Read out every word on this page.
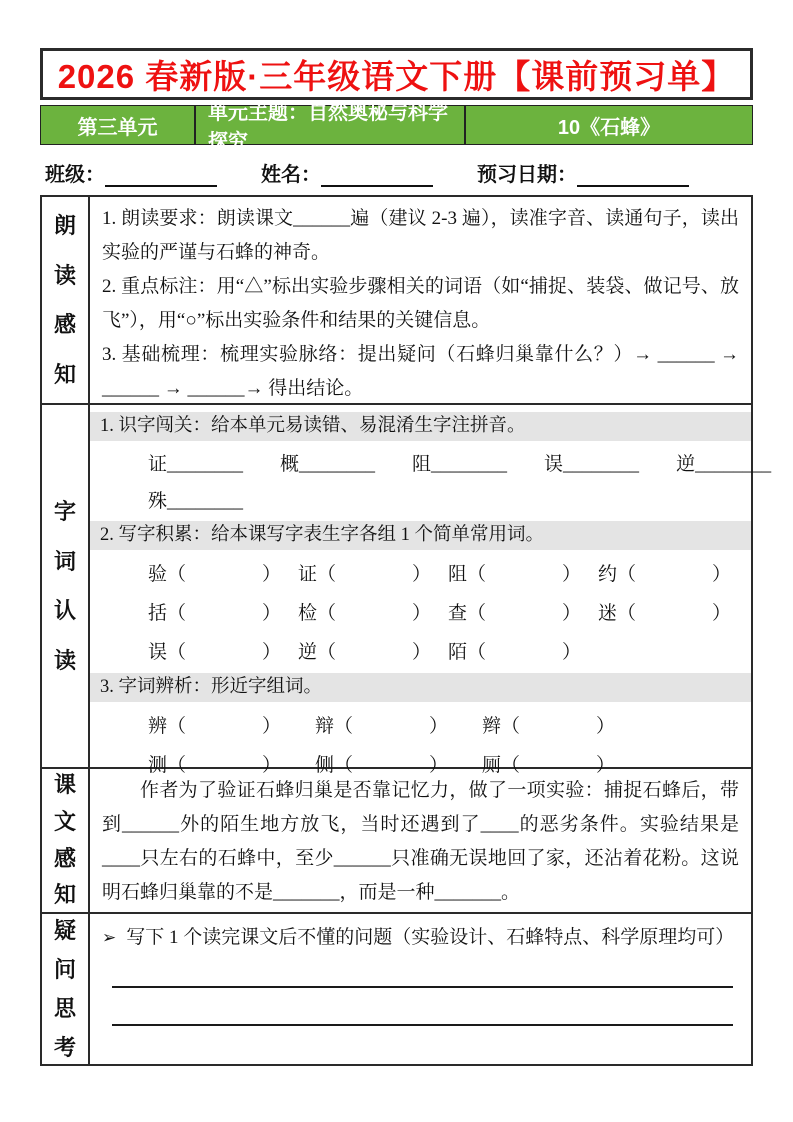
2026 春新版·三年级语文下册【课前预习单】
第三单元
单元主题：自然奥秘与科学探究
10《石蜂》
班级：	姓名：	预习日期：
朗读感知

1. 朗读要求：朗读课文______遍（建议 2-3 遍），读准字音、读通句子，读出实验的严谨与石蜂的神奇。

2. 重点标注：用“△”标出实验步骤相关的词语（如“捕捉、装袋、做记号、放飞”），用“○”标出实验条件和结果的关键信息。

3. 基础梳理：梳理实验脉络：提出疑问（石蜂归巢靠什么？）→ ______ → ______ → ______→ 得出结论。

字词认读
1. 识字闯关：给本单元易读错、易混淆生字注拼音。
证________ 概________ 阻________ 误________ 逆________
殊________
2. 写字积累：给本课写字表生字各组 1 个简单常用词。
验（　　　　） 证（　　　　） 阻（　　　　） 约（　　　　）
括（　　　　） 检（　　　　） 查（　　　　） 迷（　　　　）
误（　　　　） 逆（　　　　） 陌（　　　　）
3. 字词辨析：形近字组词。
辨（　　　　）	辩（　　　　）	辫（　　　　）
测（　　　　）	侧（　　　　）	厕（　　　　）
课文感知

作者为了验证石蜂归巢是否靠记忆力，做了一项实验：捕捉石蜂后，带到______外的陌生地方放飞，当时还遇到了____的恶劣条件。实验结果是____只左右的石蜂中，至少______只准确无误地回了家，还沾着花粉。这说明石蜂归巢靠的不是_______，而是一种_______。

疑问思考
➢ 写下 1 个读完课文后不懂的问题（实验设计、石蜂特点、科学原理均可）
